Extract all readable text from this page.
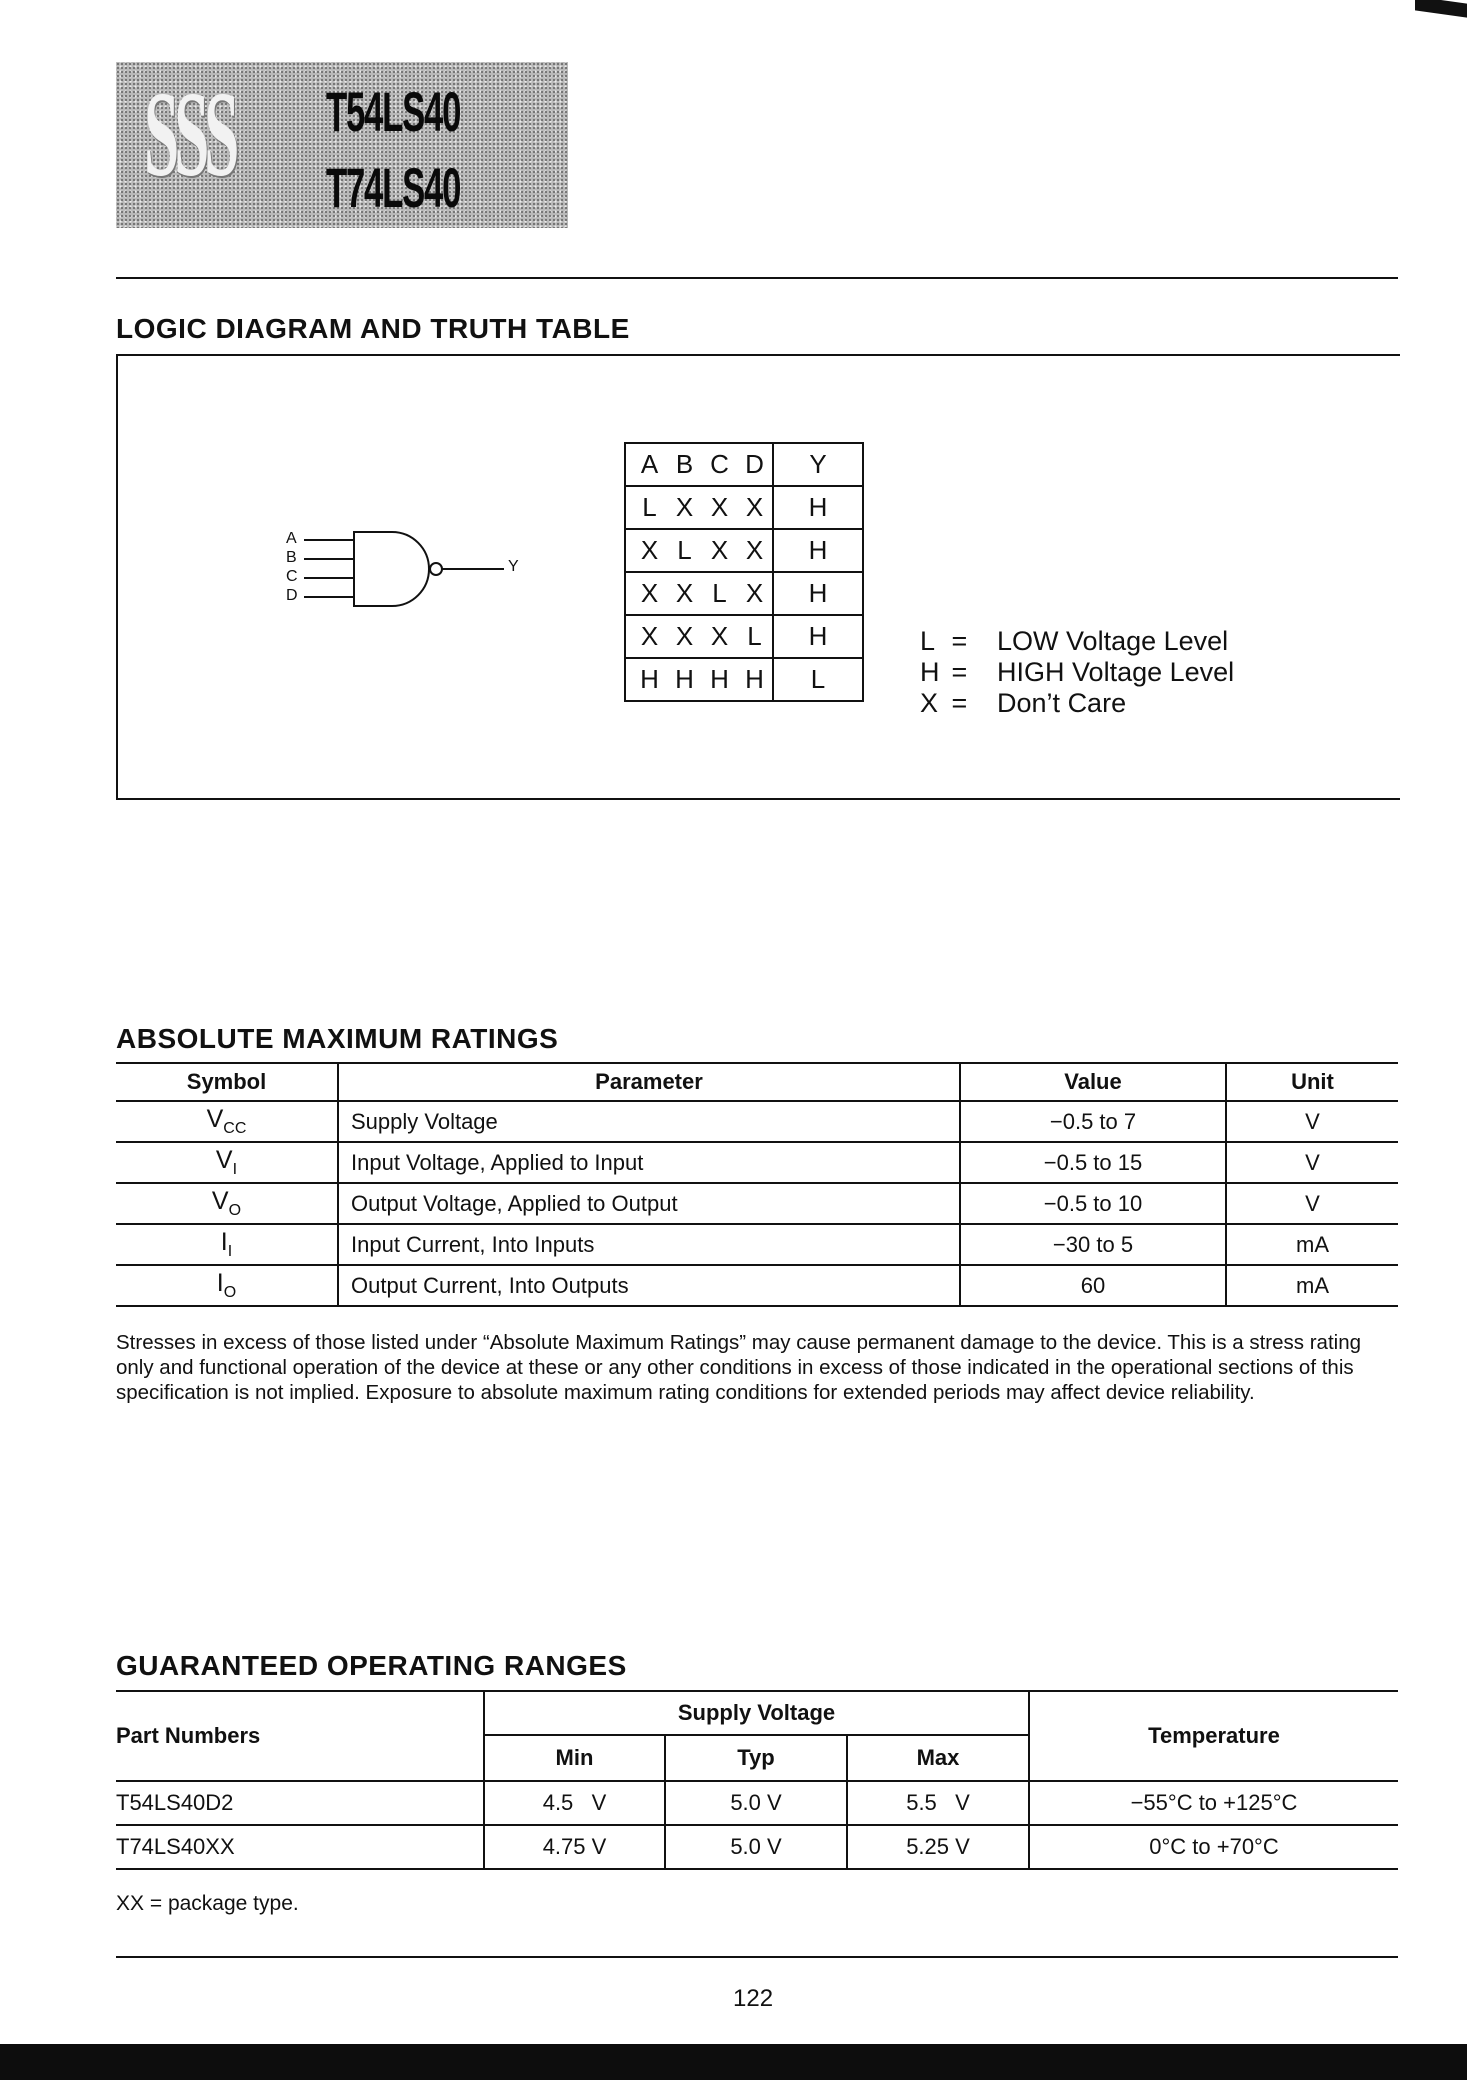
SSS T54LS40
T74LS40
LOGIC DIAGRAM AND TRUTH TABLE
A
B
C
D
Y
A	B	C	D	Y
L	X	X	X	H
X	L	X	X	H
X	X	L	X	H
X	X	X	L	H
H	H	H	H	L
L = LOW Voltage Level
H = HIGH Voltage Level
X = Don’t Care
ABSOLUTE MAXIMUM RATINGS
Symbol	Parameter	Value	Unit
$V_{CC}$	Supply Voltage	−0.5 to 7	V
$V_I$	Input Voltage, Applied to Input	−0.5 to 15	V
$V_O$	Output Voltage, Applied to Output	−0.5 to 10	V
$I_I$	Input Current, Into Inputs	−30 to 5	mA
$I_O$	Output Current, Into Outputs	60	mA
Stresses in excess of those listed under “Absolute Maximum Ratings” may cause permanent damage to the device. This is a stress rating only and functional operation of the device at these or any other conditions in excess of those indicated in the operational sections of this specification is not implied. Exposure to absolute maximum rating conditions for extended periods may affect device reliability.
GUARANTEED OPERATING RANGES
Part Numbers	Supply Voltage			Temperature
	Min	Typ	Max	
T54LS40D2	4.5   V	5.0 V	5.5   V	−55°C to +125°C
T74LS40XX	4.75 V	5.0 V	5.25 V	0°C to +70°C
XX = package type.
122
